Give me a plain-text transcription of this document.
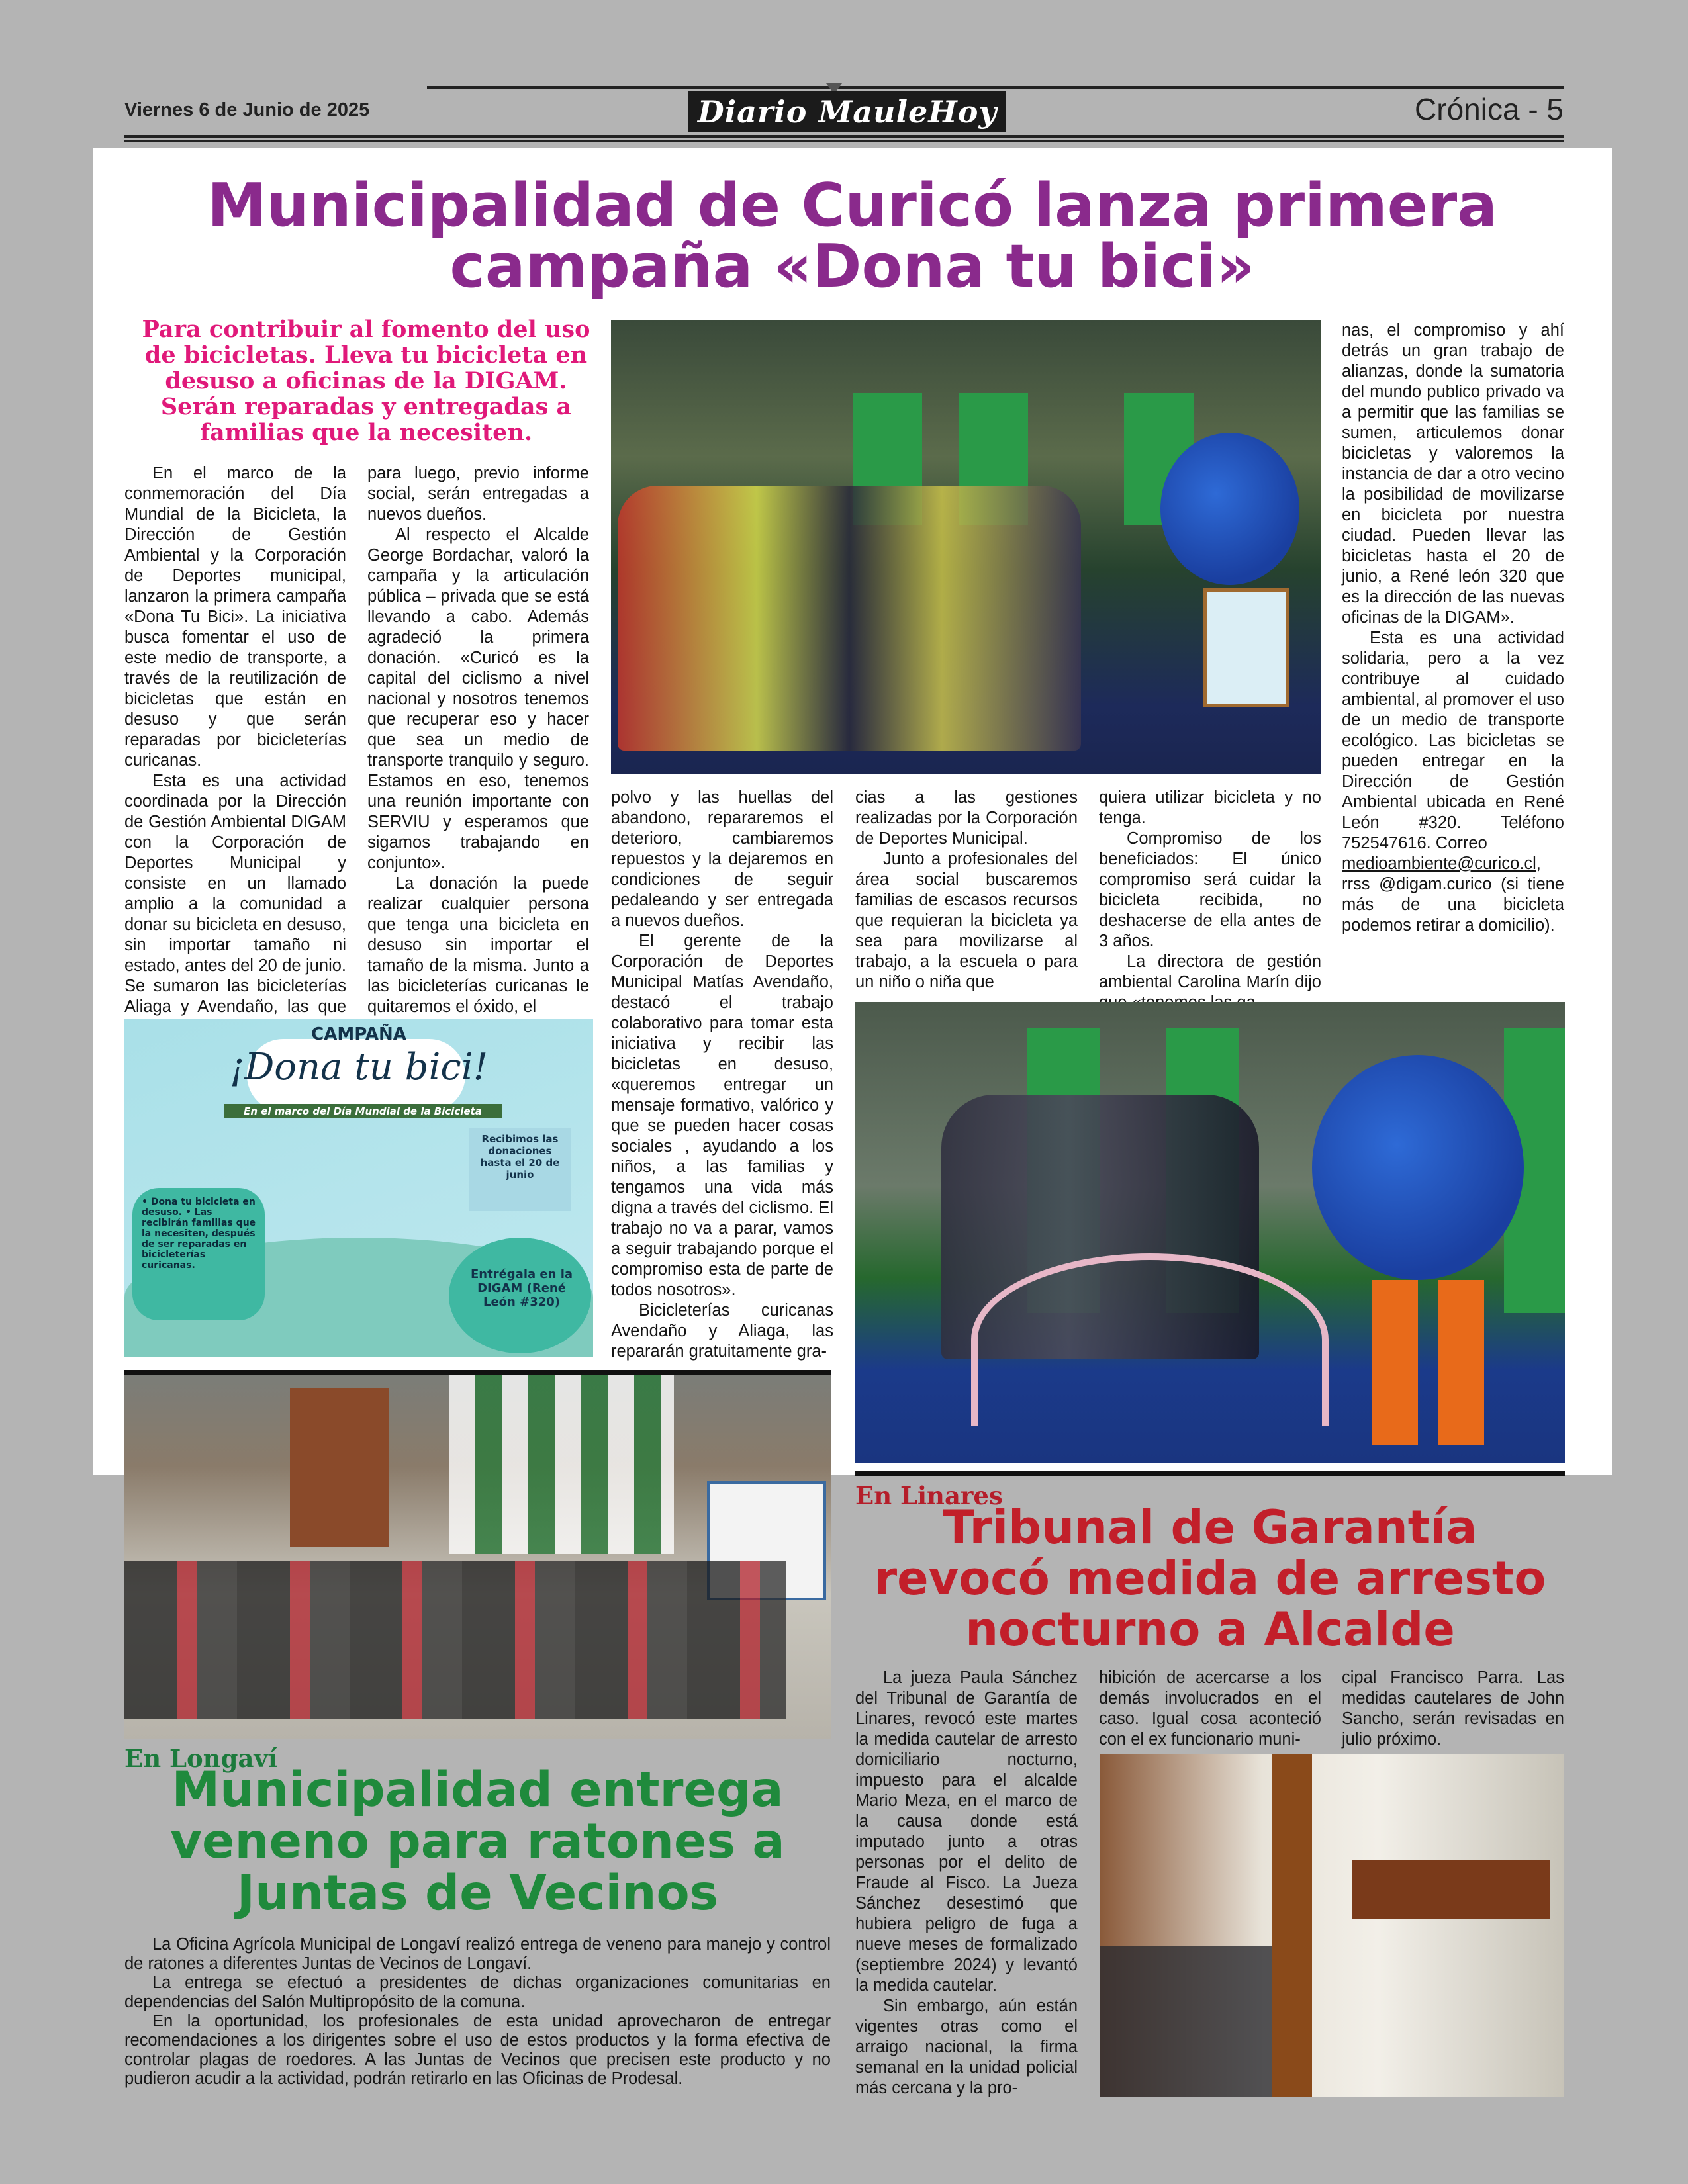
Viernes 6 de Junio de 2025	Diario MauleHoy	Crónica - 5
Municipalidad de Curicó lanza primera campaña «Dona tu bici»
Para contribuir al fomento del uso de bicicletas. Lleva tu bicicleta en desuso a oficinas de la DIGAM. Serán reparadas y entregadas a familias que la necesiten.

En el marco de la conmemoración del Día Mundial de la Bicicleta, la Dirección de Gestión Ambiental y la Corporación de Deportes municipal, lanzaron la primera campaña «Dona Tu Bici». La iniciativa busca fomentar el uso de este medio de transporte, a través de la reutilización de bicicletas que están en desuso y que serán reparadas por bicicleterías curicanas.

Esta es una actividad coordinada por la Dirección de Gestión Ambiental DIGAM con la Corporación de Deportes Municipal y consiste en un llamado amplio a la comunidad a donar su bicicleta en desuso, sin importar tamaño ni estado, antes del 20 de junio. Se sumaron las bicicleterías Aliaga y Avendaño, las que

para luego, previo informe social, serán entregadas a nuevos dueños.

Al respecto el Alcalde George Bordachar, valoró la campaña y la articulación pública – privada que se está llevando a cabo. Además agradeció la primera donación. «Curicó es la capital del ciclismo a nivel nacional y nosotros tenemos que recuperar eso y hacer que sea un medio de transporte tranquilo y seguro. Estamos en eso, tenemos una reunión importante con SERVIU y esperamos que sigamos trabajando en conjunto».

La donación la puede realizar cualquier persona que tenga una bicicleta en desuso sin importar el tamaño de la misma. Junto a las bicicleterías curicanas le quitaremos el óxido, el

polvo y las huellas del abandono, repararemos el deterioro, cambiaremos repuestos y la dejaremos en condiciones de seguir pedaleando y ser entregada a nuevos dueños.

El gerente de la Corporación de Deportes Municipal Matías Avendaño, destacó el trabajo colaborativo para tomar esta iniciativa y recibir las bicicletas en desuso, «queremos entregar un mensaje formativo, valórico y que se pueden hacer cosas sociales , ayudando a los niños, a las familias y tengamos una vida más digna a través del ciclismo. El trabajo no va a parar, vamos a seguir trabajando porque el compromiso esta de parte de todos nosotros».

Bicicleterías curicanas Avendaño y Aliaga, las repararán gratuitamente gra-

cias a las gestiones realizadas por la Corporación de Deportes Municipal.

Junto a profesionales del área social buscaremos familias de escasos recursos que requieran la bicicleta ya sea para movilizarse al trabajo, a la escuela o para un niño o niña que

quiera utilizar bicicleta y no tenga.

Compromiso de los beneficiados: El único compromiso será cuidar la bicicleta recibida, no deshacerse de ella antes de 3 años.

La directora de gestión ambiental Carolina Marín dijo

nas, el compromiso y ahí detrás un gran trabajo de alianzas, donde la sumatoria del mundo publico privado va a permitir que las familias se sumen, articulemos donar bicicletas y valoremos la instancia de dar a otro vecino la posibilidad de movilizarse en bicicleta por nuestra ciudad. Pueden llevar las bicicletas hasta el 20 de junio, a René león 320 que es la dirección de las nuevas oficinas de la DIGAM».

Esta es una actividad solidaria, pero a la vez contribuye al cuidado ambiental, al promover el uso de un medio de transporte ecológico. Las bicicletas se pueden entregar en la Dirección de Gestión Ambiental ubicada en René León #320. Teléfono 752547616. Correo

medioambiente@curico.cl, rrss @digam.curico (si tiene más de una bicicleta podemos retirar a domicilio).

CAMPAÑA
¡Dona tu bici!
En el marco del Día Mundial de la Bicicleta
Recibimos las donaciones hasta el 20 de junio
• Dona tu bicicleta en desuso. • Las recibirán familias que la necesiten, después de ser reparadas en bicicleterías curicanas.
Entrégala en la DIGAM (René León #320)
En Linares
Tribunal de Garantía revocó medida de arresto nocturno a Alcalde

La jueza Paula Sánchez del Tribunal de Garantía de Linares, revocó este martes la medida cautelar de arresto domiciliario nocturno, impuesto para el alcalde Mario Meza, en el marco de la causa donde está imputado junto a otras personas por el delito de Fraude al Fisco. La Jueza Sánchez desestimó que hubiera peligro de fuga a nueve meses de formalizado (septiembre 2024) y levantó la medida cautelar.

Sin embargo, aún están vigentes otras como el arraigo nacional, la firma semanal en la unidad policial más cercana y la pro-

hibición de acercarse a los demás involucrados en el caso. Igual cosa aconteció con el ex funcionario muni-

cipal Francisco Parra. Las medidas cautelares de John Sancho, serán revisadas en julio próximo.

En Longaví
Municipalidad entrega veneno para ratones a Juntas de Vecinos

La Oficina Agrícola Municipal de Longaví realizó entrega de veneno para manejo y control de ratones a diferentes Juntas de Vecinos de Longaví.

La entrega se efectuó a presidentes de dichas organizaciones comunitarias en dependencias del Salón Multipropósito de la comuna.

En la oportunidad, los profesionales de esta unidad aprovecharon de entregar recomendaciones a los dirigentes sobre el uso de estos productos y la forma efectiva de controlar plagas de roedores. A las Juntas de Vecinos que precisen este producto y no pudieron acudir a la actividad, podrán retirarlo en las Oficinas de Prodesal.
